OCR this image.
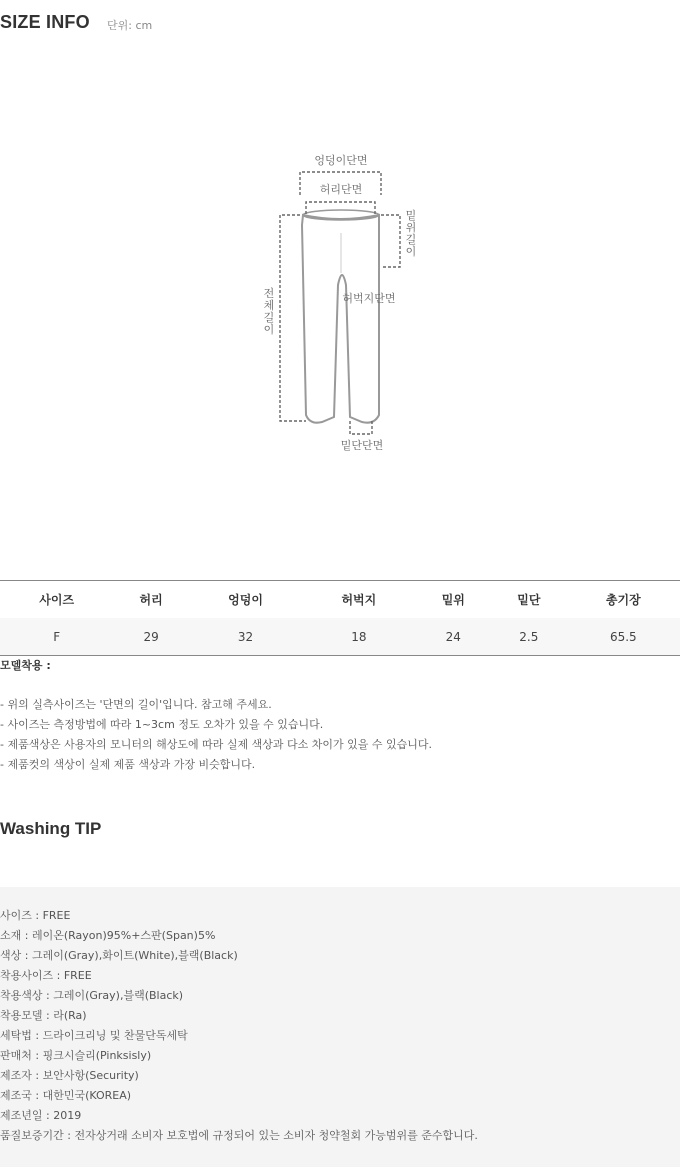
SIZE INFO 단위: cm
엉덩이단면
허리단면
밑 위 길 이
전 체 길 이
허벅지단면
밑단단면
사이즈	허리	엉덩이	허벅지	밑위	밑단	총기장
F	29	32	18	24	2.5	65.5
모델착용 :
- 위의 실측사이즈는 '단면의 길이'입니다. 참고해 주세요.
- 사이즈는 측정방법에 따라 1~3cm 정도 오차가 있을 수 있습니다.
- 제품색상은 사용자의 모니터의 해상도에 따라 실제 색상과 다소 차이가 있을 수 있습니다.
- 제품컷의 색상이 실제 제품 색상과 가장 비슷합니다.
Washing TIP
사이즈 : FREE
소재 : 레이온(Rayon)95%+스판(Span)5%
색상 : 그레이(Gray),화이트(White),블랙(Black)
착용사이즈 : FREE
착용색상 : 그레이(Gray),블랙(Black)
착용모델 : 라(Ra)
세탁법 : 드라이크리닝 및 찬물단독세탁
판매처 : 핑크시슬리(Pinksisly)
제조자 : 보안사항(Security)
제조국 : 대한민국(KOREA)
제조년일 : 2019
품질보증기간 : 전자상거래 소비자 보호법에 규정되어 있는 소비자 청약철회 가능범위를 준수합니다.
